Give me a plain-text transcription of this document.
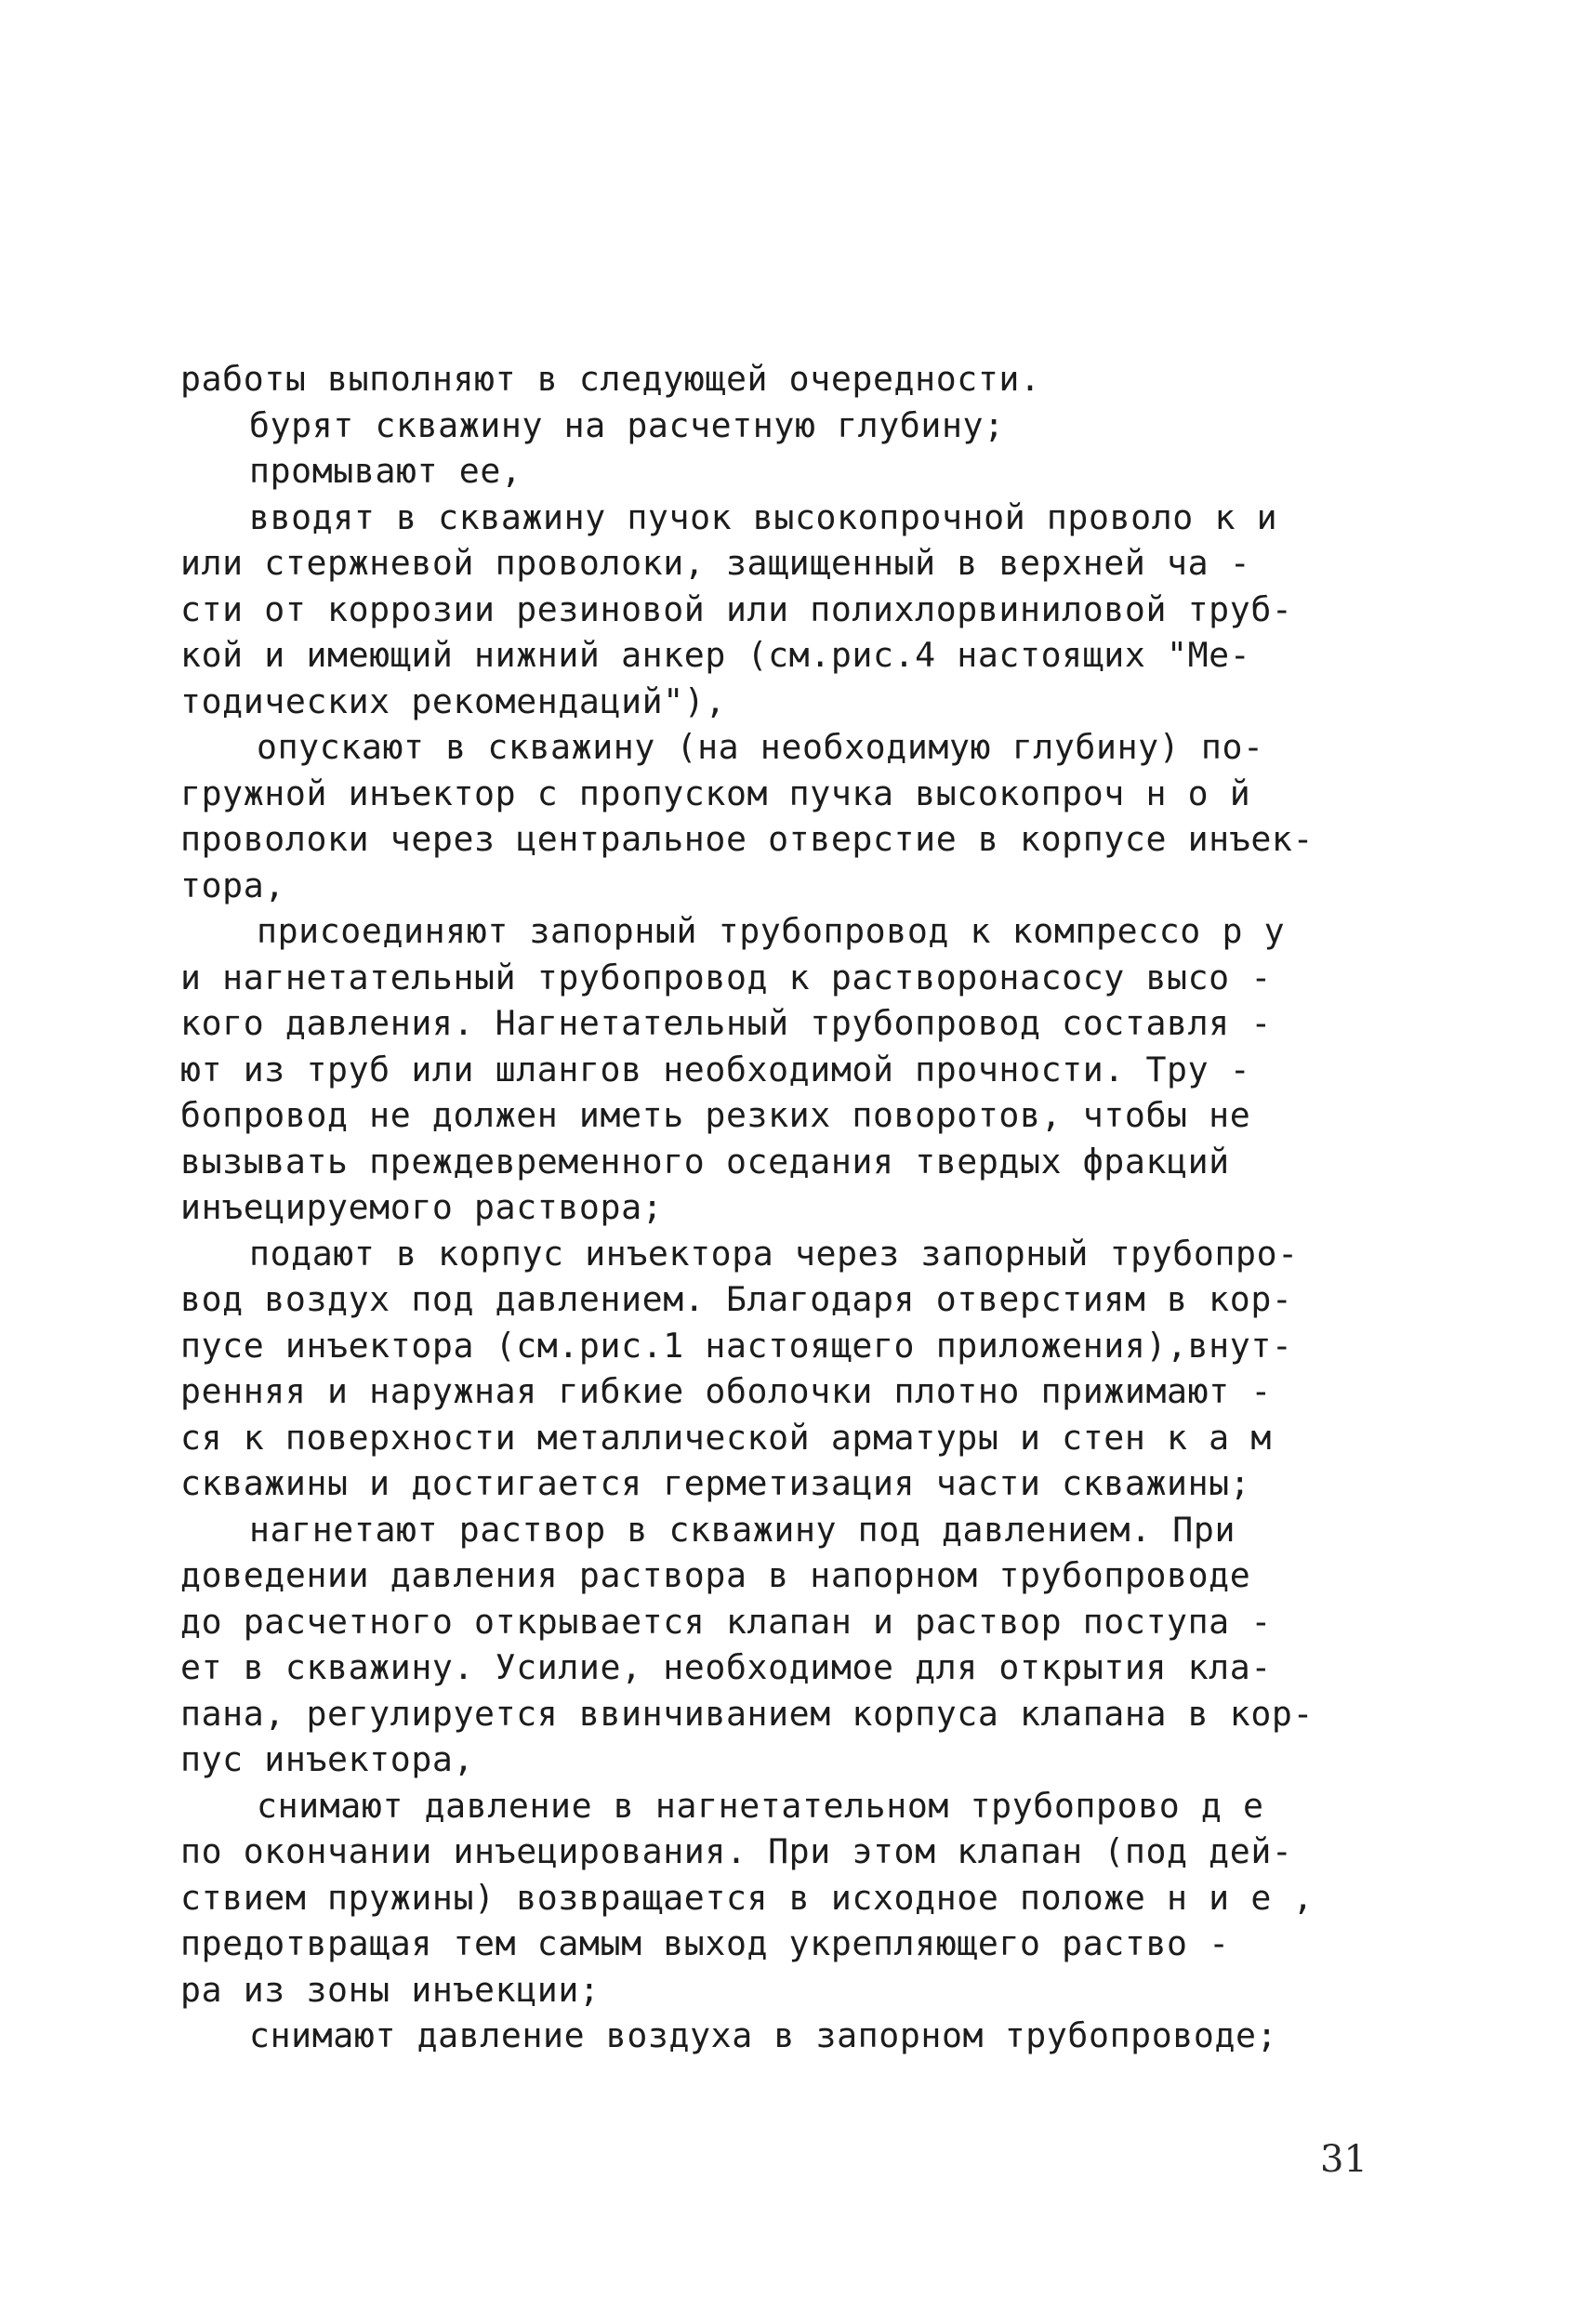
работы выполняют в следующей очередности.
бурят скважину на расчетную глубину;
промывают ее,
вводят в скважину пучок высокопрочной проволо к и
или стержневой проволоки, защищенный в верхней ча -
сти от коррозии резиновой или полихлорвиниловой труб-
кой и имеющий нижний анкер (см.рис.4 настоящих "Ме-
тодических рекомендаций"),
опускают в скважину (на необходимую глубину) по-
гружной инъектор с пропуском пучка высокопроч н о й
проволоки через центральное отверстие в корпусе инъек-
тора,
присоединяют запорный трубопровод к компрессо р у
и нагнетательный трубопровод к растворонасосу высо -
кого давления. Нагнетательный трубопровод составля -
ют из труб или шлангов необходимой прочности. Тру -
бопровод не должен иметь резких поворотов, чтобы не
вызывать преждевременного оседания твердых фракций
инъецируемого раствора;
подают в корпус инъектора через запорный трубопро-
вод воздух под давлением. Благодаря отверстиям в кор-
пусе инъектора (см.рис.1 настоящего приложения),внут-
ренняя и наружная гибкие оболочки плотно прижимают -
ся к поверхности металлической арматуры и стен к а м
скважины и достигается герметизация части скважины;
нагнетают раствор в скважину под давлением. При
доведении давления раствора в напорном трубопроводе
до расчетного открывается клапан и раствор поступа -
ет в скважину. Усилие, необходимое для открытия кла-
пана, регулируется ввинчиванием корпуса клапана в кор-
пус инъектора,
снимают давление в нагнетательном трубопрово д е
по окончании инъецирования. При этом клапан (под дей-
ствием пружины) возвращается в исходное положе н и е ,
предотвращая тем самым выход укрепляющего раство -
ра из зоны инъекции;
снимают давление воздуха в запорном трубопроводе;
31
